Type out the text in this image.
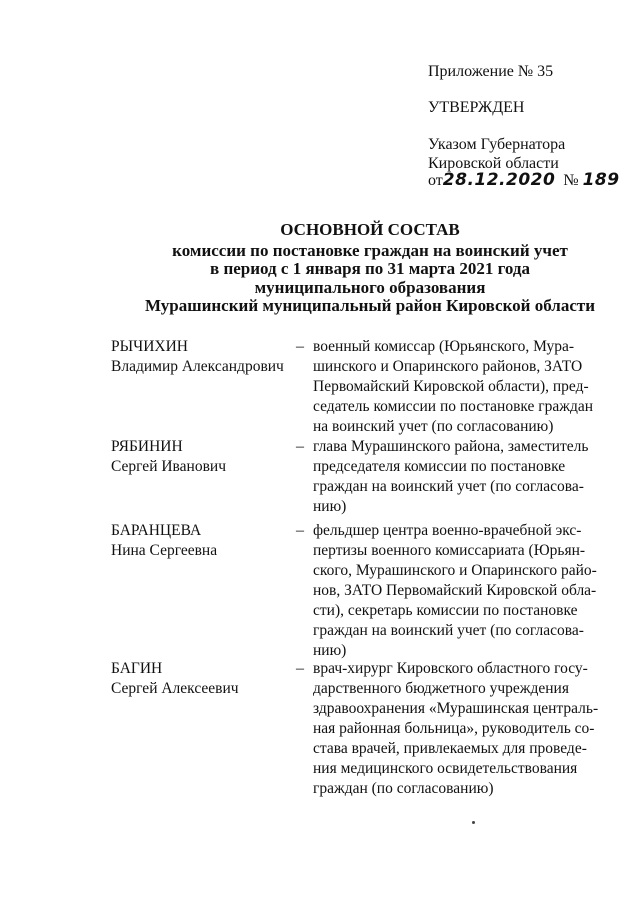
Приложение № 35
УТВЕРЖДЕН
Указом Губернатора
Кировской области
от28.12.2020 № 189
ОСНОВНОЙ СОСТАВ
комиссии по постановке граждан на воинский учет
в период с 1 января по 31 марта 2021 года
муниципального образования
Мурашинский муниципальный район Кировской области
РЫЧИХИН
Владимир Александрович
– военный комиссар (Юрьянского, Мура-
шинского и Опаринского районов, ЗАТО
Первомайский Кировской области), пред-
седатель комиссии по постановке граждан
на воинский учет (по согласованию)
РЯБИНИН
Сергей Иванович
– глава Мурашинского района, заместитель
председателя комиссии по постановке
граждан на воинский учет (по согласова-
нию)
БАРАНЦЕВА
Нина Сергеевна
– фельдшер центра военно-врачебной экс-
пертизы военного комиссариата (Юрьян-
ского, Мурашинского и Опаринского райо-
нов, ЗАТО Первомайский Кировской обла-
сти), секретарь комиссии по постановке
граждан на воинский учет (по согласова-
нию)
БАГИН
Сергей Алексеевич
– врач-хирург Кировского областного госу-
дарственного бюджетного учреждения
здравоохранения «Мурашинская централь-
ная районная больница», руководитель со-
става врачей, привлекаемых для проведе-
ния медицинского освидетельствования
граждан (по согласованию)
